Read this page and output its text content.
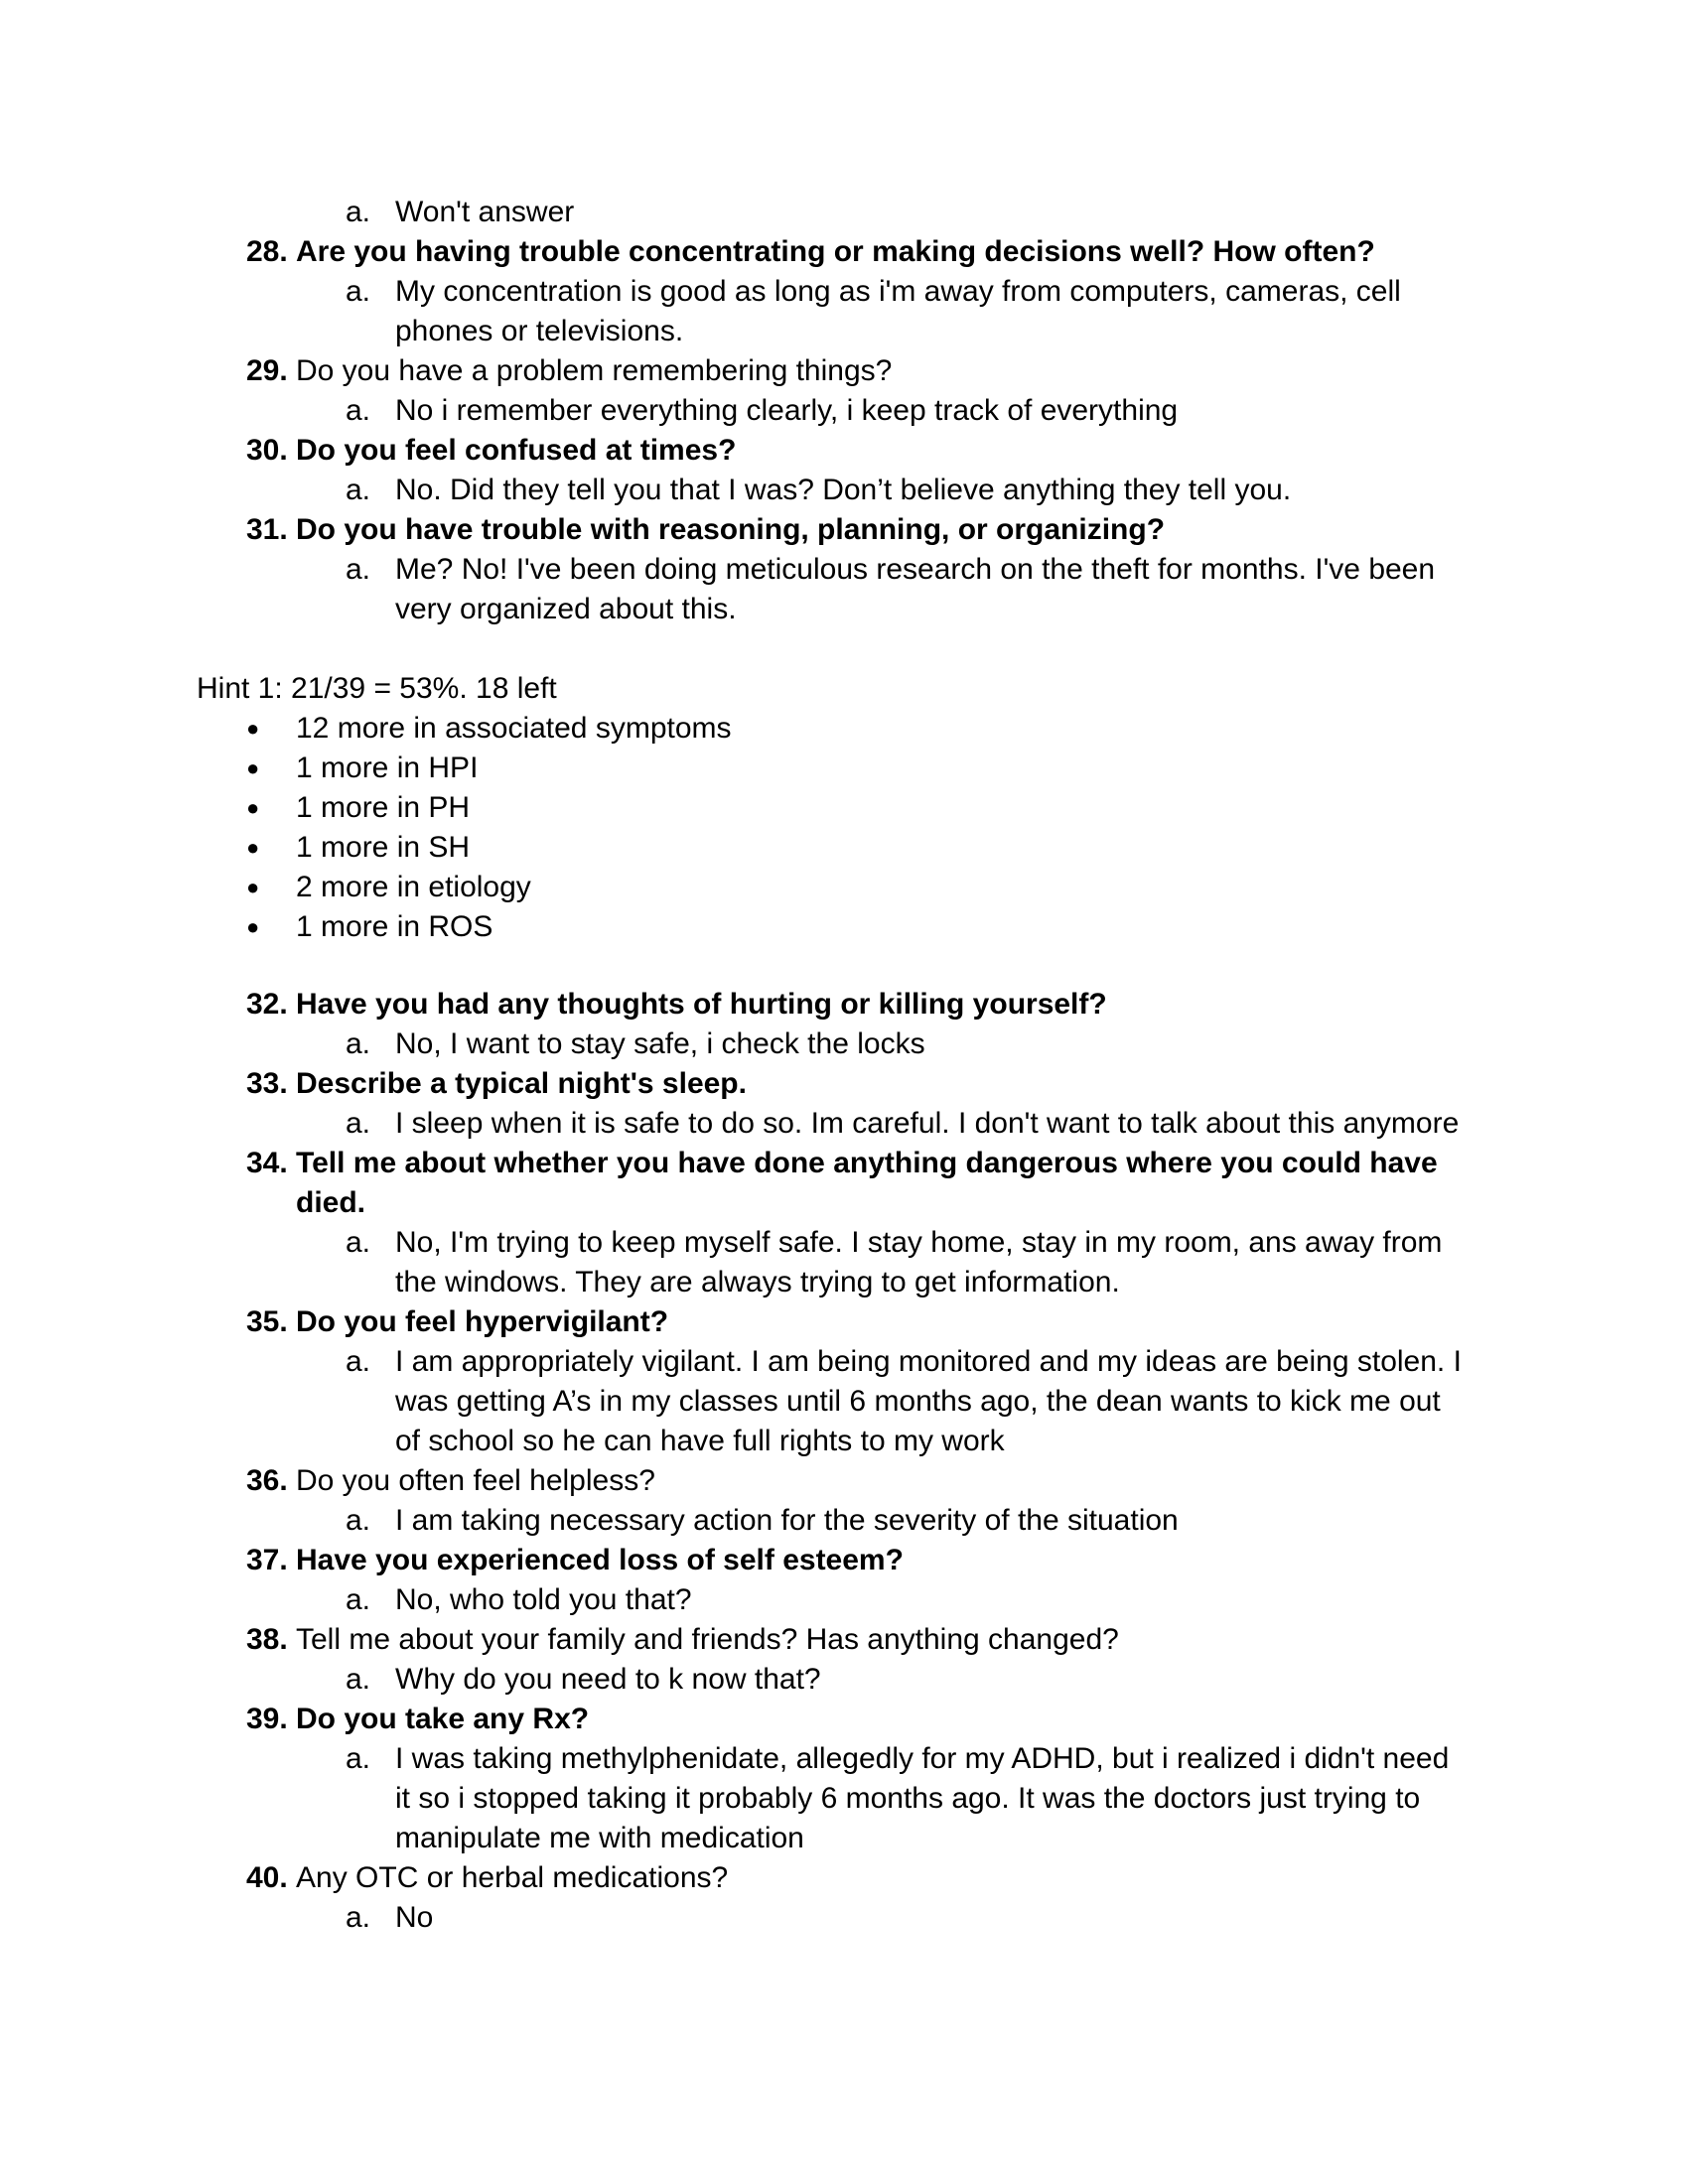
a. Won't answer
28. Are you having trouble concentrating or making decisions well? How often?
a. My concentration is good as long as i'm away from computers, cameras, cell
phones or televisions.
29. Do you have a problem remembering things?
a. No i remember everything clearly, i keep track of everything
30. Do you feel confused at times?
a. No. Did they tell you that I was? Don’t believe anything they tell you.
31. Do you have trouble with reasoning, planning, or organizing?
a. Me? No! I've been doing meticulous research on the theft for months. I've been
very organized about this.
Hint 1: 21/39 = 53%. 18 left
● 12 more in associated symptoms
● 1 more in HPI
● 1 more in PH
● 1 more in SH
● 2 more in etiology
● 1 more in ROS
32. Have you had any thoughts of hurting or killing yourself?
a. No, I want to stay safe, i check the locks
33. Describe a typical night's sleep.
a. I sleep when it is safe to do so. Im careful. I don't want to talk about this anymore
34. Tell me about whether you have done anything dangerous where you could have
died.
a. No, I'm trying to keep myself safe. I stay home, stay in my room, ans away from
the windows. They are always trying to get information.
35. Do you feel hypervigilant?
a. I am appropriately vigilant. I am being monitored and my ideas are being stolen. I
was getting A’s in my classes until 6 months ago, the dean wants to kick me out
of school so he can have full rights to my work
36. Do you often feel helpless?
a. I am taking necessary action for the severity of the situation
37. Have you experienced loss of self esteem?
a. No, who told you that?
38. Tell me about your family and friends? Has anything changed?
a. Why do you need to k now that?
39. Do you take any Rx?
a. I was taking methylphenidate, allegedly for my ADHD, but i realized i didn't need
it so i stopped taking it probably 6 months ago. It was the doctors just trying to
manipulate me with medication
40. Any OTC or herbal medications?
a. No
